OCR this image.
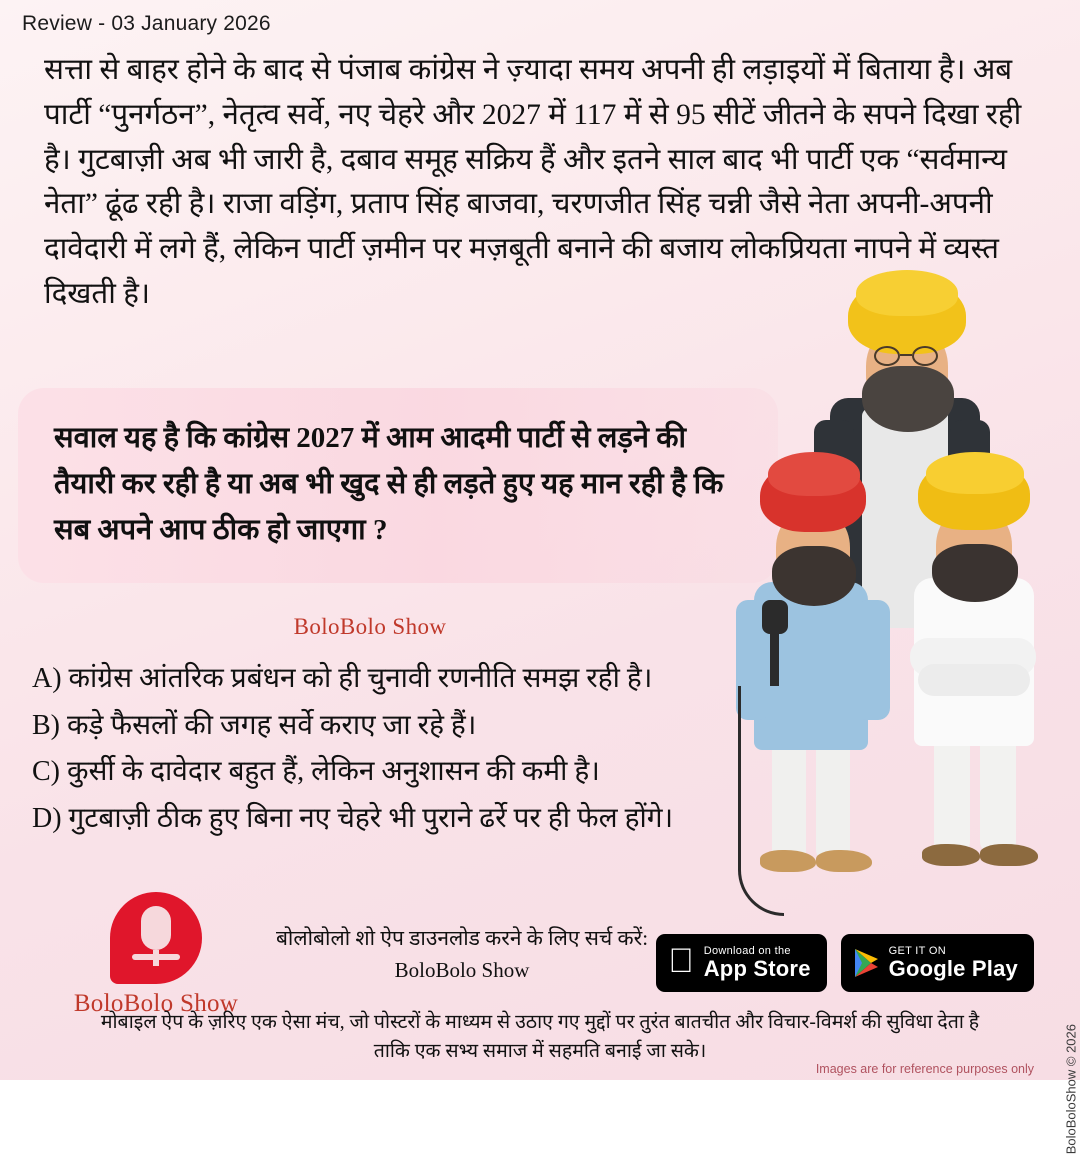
Review - 03 January 2026
सत्ता से बाहर होने के बाद से पंजाब कांग्रेस ने ज़्यादा समय अपनी ही लड़ाइयों में बिताया है। अब पार्टी “पुनर्गठन”, नेतृत्व सर्वे, नए चेहरे और 2027 में 117 में से 95 सीटें जीतने के सपने दिखा रही है। गुटबाज़ी अब भी जारी है, दबाव समूह सक्रिय हैं और इतने साल बाद भी पार्टी एक “सर्वमान्य नेता” ढूंढ रही है। राजा वड़िंग, प्रताप सिंह बाजवा, चरणजीत सिंह चन्नी जैसे नेता अपनी-अपनी दावेदारी में लगे हैं, लेकिन पार्टी ज़मीन पर मज़बूती बनाने की बजाय लोकप्रियता नापने में व्यस्त दिखती है।
सवाल यह है कि कांग्रेस 2027 में आम आदमी पार्टी से लड़ने की तैयारी कर रही है या अब भी खुद से ही लड़ते हुए यह मान रही है कि सब अपने आप ठीक हो जाएगा ?
BoloBolo Show
A) कांग्रेस आंतरिक प्रबंधन को ही चुनावी रणनीति समझ रही है।
B) कड़े फैसलों की जगह सर्वे कराए जा रहे हैं।
C) कुर्सी के दावेदार बहुत हैं, लेकिन अनुशासन की कमी है।
D) गुटबाज़ी ठीक हुए बिना नए चेहरे भी पुराने ढर्रे पर ही फेल होंगे।
BoloBolo Show
बोलोबोलो शो ऐप डाउनलोड करने के लिए सर्च करें:
BoloBolo Show
Download on the
App Store
GET IT ON
Google Play
मोबाइल ऐप के ज़रिए एक ऐसा मंच, जो पोस्टरों के माध्यम से उठाए गए मुद्दों पर तुरंत बातचीत और विचार-विमर्श की सुविधा देता है
ताकि एक सभ्य समाज में सहमति बनाई जा सके।
Images are for reference purposes only BoloBoloShow © 2026
